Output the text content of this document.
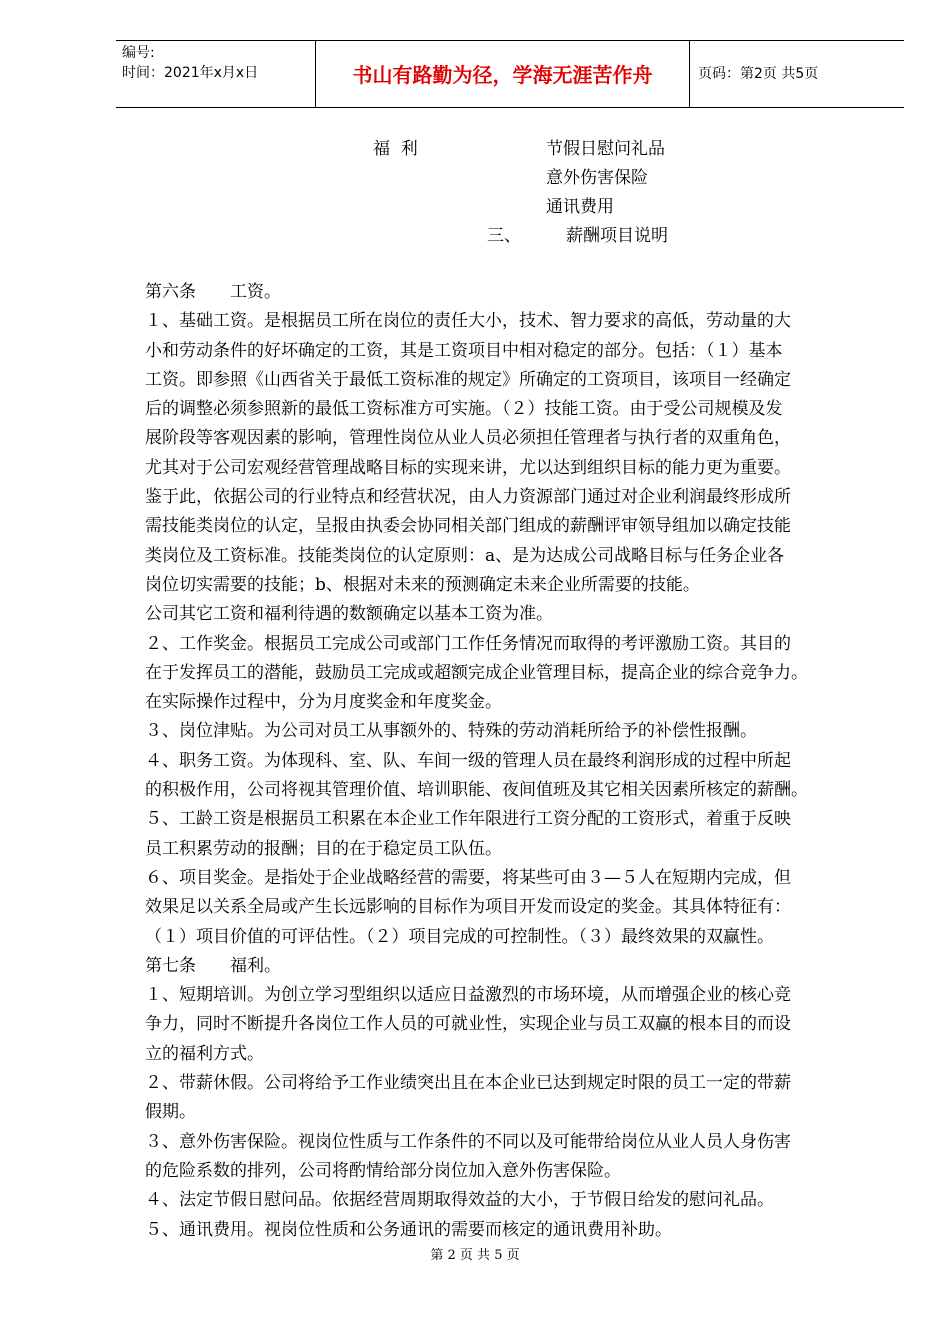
编号:
时间：2021年x月x日	书山有路勤为径，学海无涯苦作舟	页码：第2页 共5页
福  利	节假日慰问礼品
意外伤害保险
通讯费用
三、	薪酬项目说明

第六条　　工资。

１、基础工资。是根据员工所在岗位的责任大小，技术、智力要求的高低，劳动量的大

小和劳动条件的好坏确定的工资，其是工资项目中相对稳定的部分。包括：（１）基本

工资。即参照《山西省关于最低工资标准的规定》所确定的工资项目，该项目一经确定

后的调整必须参照新的最低工资标准方可实施。（２）技能工资。由于受公司规模及发

展阶段等客观因素的影响，管理性岗位从业人员必须担任管理者与执行者的双重角色，

尤其对于公司宏观经营管理战略目标的实现来讲，尤以达到组织目标的能力更为重要。

鉴于此，依据公司的行业特点和经营状况，由人力资源部门通过对企业利润最终形成所

需技能类岗位的认定，呈报由执委会协同相关部门组成的薪酬评审领导组加以确定技能

类岗位及工资标准。技能类岗位的认定原则：a、是为达成公司战略目标与任务企业各

岗位切实需要的技能；b、根据对未来的预测确定未来企业所需要的技能。

公司其它工资和福利待遇的数额确定以基本工资为准。

２、工作奖金。根据员工完成公司或部门工作任务情况而取得的考评激励工资。其目的

在于发挥员工的潜能，鼓励员工完成或超额完成企业管理目标，提高企业的综合竞争力。

在实际操作过程中，分为月度奖金和年度奖金。

３、岗位津贴。为公司对员工从事额外的、特殊的劳动消耗所给予的补偿性报酬。

４、职务工资。为体现科、室、队、车间一级的管理人员在最终利润形成的过程中所起

的积极作用，公司将视其管理价值、培训职能、夜间值班及其它相关因素所核定的薪酬。

５、工龄工资是根据员工积累在本企业工作年限进行工资分配的工资形式，着重于反映

员工积累劳动的报酬；目的在于稳定员工队伍。

６、项目奖金。是指处于企业战略经营的需要，将某些可由３—５人在短期内完成，但

效果足以关系全局或产生长远影响的目标作为项目开发而设定的奖金。其具体特征有：

（１）项目价值的可评估性。（２）项目完成的可控制性。（３）最终效果的双赢性。

第七条　　福利。

１、短期培训。为创立学习型组织以适应日益激烈的市场环境，从而增强企业的核心竞

争力，同时不断提升各岗位工作人员的可就业性，实现企业与员工双赢的根本目的而设

立的福利方式。

２、带薪休假。公司将给予工作业绩突出且在本企业已达到规定时限的员工一定的带薪

假期。

３、意外伤害保险。视岗位性质与工作条件的不同以及可能带给岗位从业人员人身伤害

的危险系数的排列，公司将酌情给部分岗位加入意外伤害保险。

４、法定节假日慰问品。依据经营周期取得效益的大小，于节假日给发的慰问礼品。

５、通讯费用。视岗位性质和公务通讯的需要而核定的通讯费用补助。

第 2 页 共 5 页
